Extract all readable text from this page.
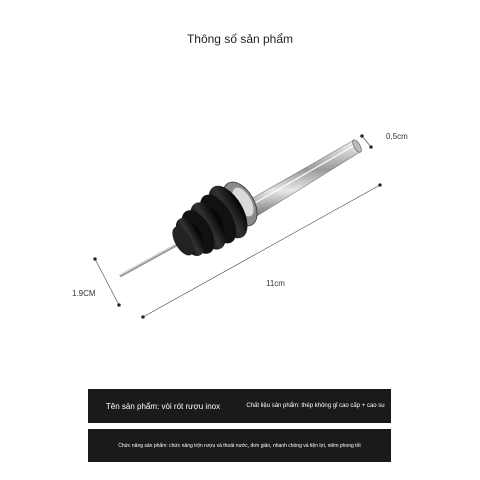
Thông số sản phẩm
0,5cm
11cm
1.9CM
Tên sản phẩm: vòi rót rượu inox	Chất liệu sản phẩm: thép không gỉ cao cấp + cao su
Chức năng sản phẩm: chức năng trộn rượu và thoát nước, đơn giản, nhanh chóng và tiện lợi, niêm phong tốt
